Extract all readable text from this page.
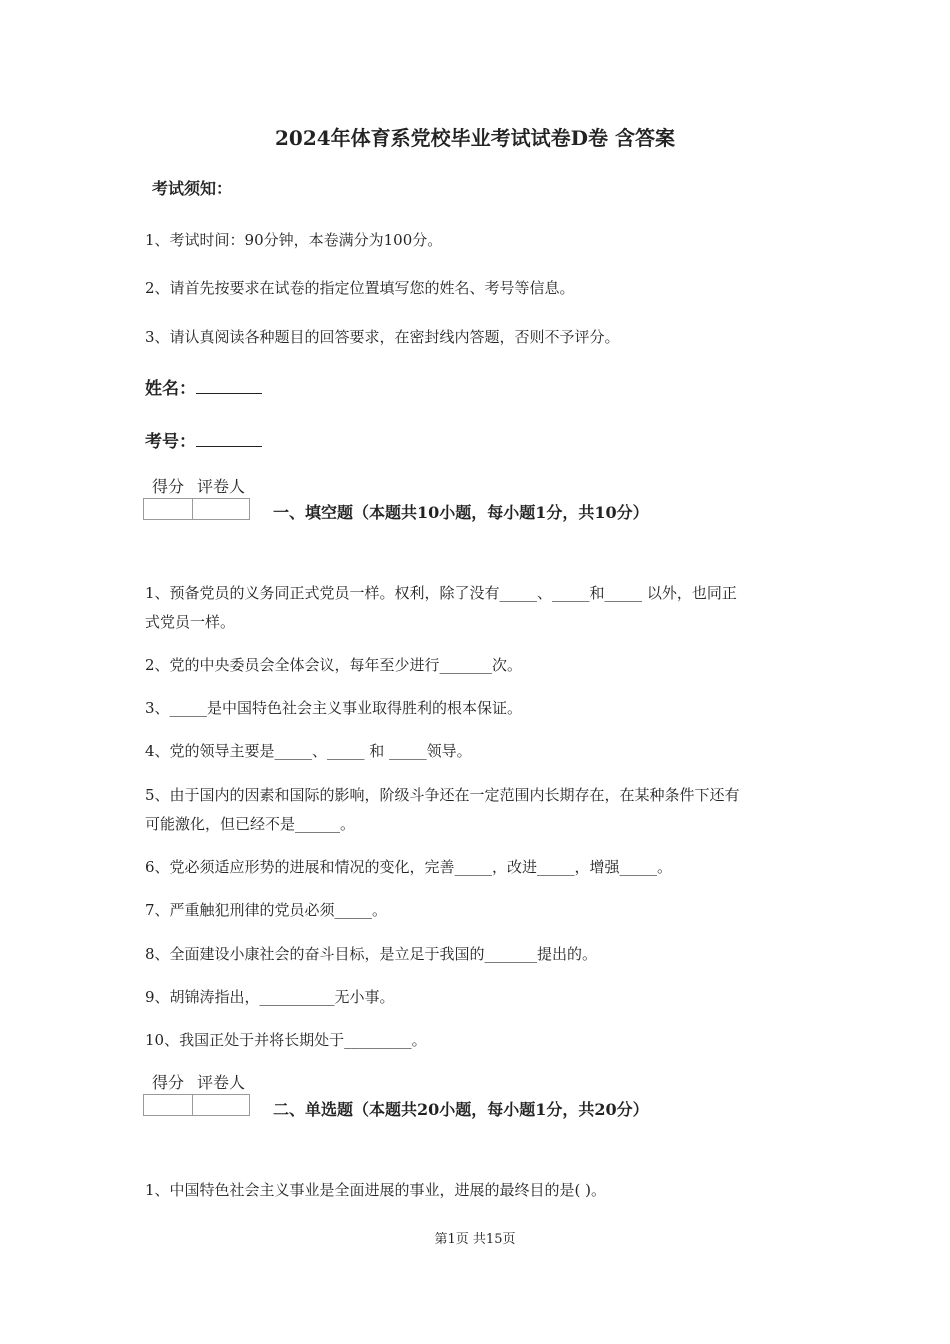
2024年体育系党校毕业考试试卷D卷 含答案
考试须知：
1、考试时间：90分钟，本卷满分为100分。
2、请首先按要求在试卷的指定位置填写您的姓名、考号等信息。
3、请认真阅读各种题目的回答要求，在密封线内答题，否则不予评分。
姓名：
考号：
得分	评卷人

一、填空题（本题共10小题，每小题1分，共10分）
1、预备党员的义务同正式党员一样。权利，除了没有_____、_____和_____ 以外，也同正
式党员一样。
2、党的中央委员会全体会议，每年至少进行_______次。
3、_____是中国特色社会主义事业取得胜利的根本保证。
4、党的领导主要是_____、_____ 和 _____领导。
5、由于国内的因素和国际的影响，阶级斗争还在一定范围内长期存在，在某种条件下还有
可能激化，但已经不是______。
6、党必须适应形势的进展和情况的变化，完善_____，改进_____，增强_____。
7、严重触犯刑律的党员必须_____。
8、全面建设小康社会的奋斗目标，是立足于我国的_______提出的。
9、胡锦涛指出，__________无小事。
10、我国正处于并将长期处于_________。
得分	评卷人

二、单选题（本题共20小题，每小题1分，共20分）
1、中国特色社会主义事业是全面进展的事业，进展的最终目的是( )。
第1页 共15页
